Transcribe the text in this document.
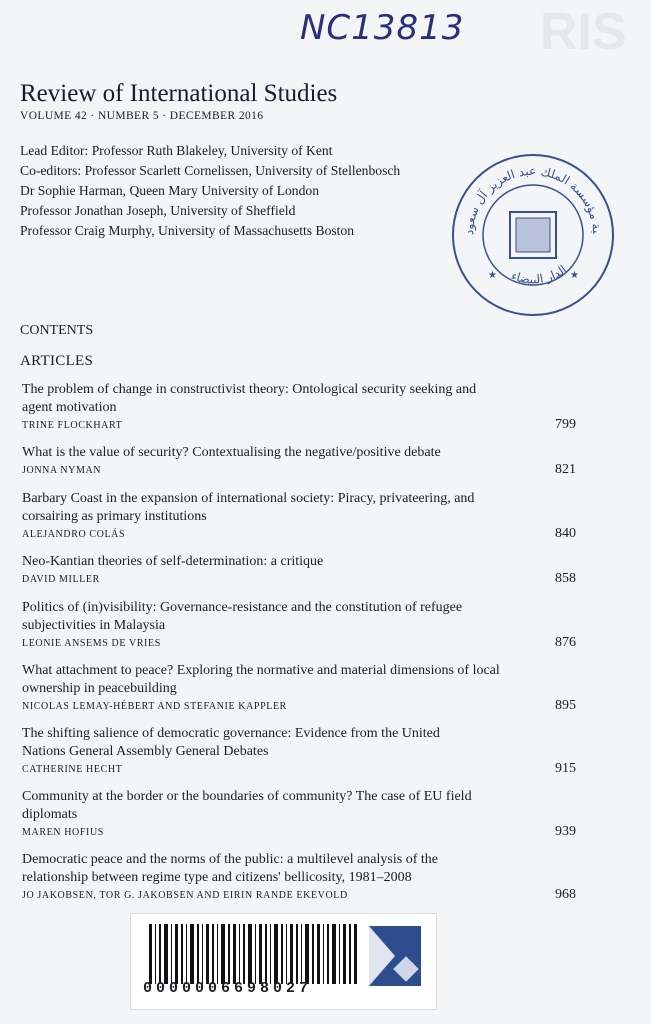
RIS
NC13813
Review of International Studies
VOLUME 42 · NUMBER 5 · DECEMBER 2016
Lead Editor: Professor Ruth Blakeley, University of Kent
Co-editors: Professor Scarlett Cornelissen, University of Stellenbosch
Dr Sophie Harman, Queen Mary University of London
Professor Jonathan Joseph, University of Sheffield
Professor Craig Murphy, University of Massachusetts Boston	بة مؤسسة الملك عبد العزيز آل سعود
الدار البيضاء
★	★
CONTENTS
ARTICLES
The problem of change in constructivist theory: Ontological security seeking and agent motivation
TRINE FLOCKHART	799
What is the value of security? Contextualising the negative/positive debate
JONNA NYMAN	821
Barbary Coast in the expansion of international society: Piracy, privateering, and corsairing as primary institutions
ALEJANDRO COLÁS	840
Neo-Kantian theories of self-determination: a critique
DAVID MILLER	858
Politics of (in)visibility: Governance-resistance and the constitution of refugee subjectivities in Malaysia
LEONIE ANSEMS DE VRIES	876
What attachment to peace? Exploring the normative and material dimensions of local ownership in peacebuilding
NICOLAS LEMAY-HÉBERT AND STEFANIE KAPPLER	895
The shifting salience of democratic governance: Evidence from the United Nations General Assembly General Debates
CATHERINE HECHT	915
Community at the border or the boundaries of community? The case of EU field diplomats
MAREN HOFIUS	939
Democratic peace and the norms of the public: a multilevel analysis of the relationship between regime type and citizens' bellicosity, 1981–2008
JO JAKOBSEN, TOR G. JAKOBSEN AND EIRIN RANDE EKEVOLD	968
0000006698027
